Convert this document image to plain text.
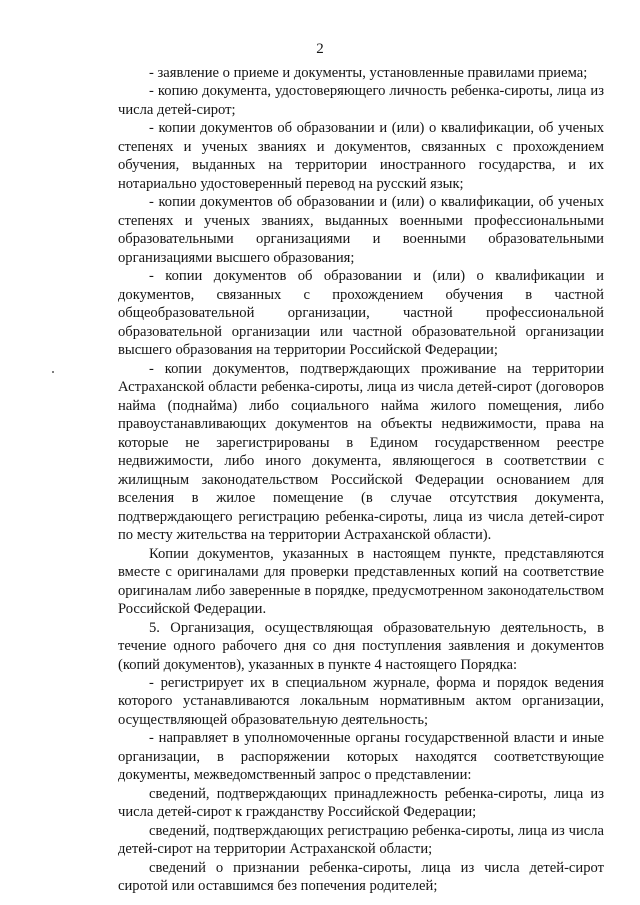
2

- заявление о приеме и документы, установленные правилами приема;

- копию документа, удостоверяющего личность ребенка-сироты, лица из числа детей-сирот;

- копии документов об образовании и (или) о квалификации, об ученых степенях и ученых званиях и документов, связанных с прохождением обучения, выданных на территории иностранного государства, и их нотариально удостоверенный перевод на русский язык;

- копии документов об образовании и (или) о квалификации, об ученых степенях и ученых званиях, выданных военными профессиональными образовательными организациями и военными образовательными организациями высшего образования;

- копии документов об образовании и (или) о квалификации и документов, связанных с прохождением обучения в частной общеобразовательной организации, частной профессиональной образовательной организации или частной образовательной организации высшего образования на территории Российской Федерации;

- копии документов, подтверждающих проживание на территории Астраханской области ребенка-сироты, лица из числа детей-сирот (договоров найма (поднайма) либо социального найма жилого помещения, либо правоустанавливающих документов на объекты недвижимости, права на которые не зарегистрированы в Едином государственном реестре недвижимости, либо иного документа, являющегося в соответствии с жилищным законодательством Российской Федерации основанием для вселения в жилое помещение (в случае отсутствия документа, подтверждающего регистрацию ребенка-сироты, лица из числа детей-сирот по месту жительства на территории Астраханской области).

Копии документов, указанных в настоящем пункте, представляются вместе с оригиналами для проверки представленных копий на соответствие оригиналам либо заверенные в порядке, предусмотренном законодательством Российской Федерации.

5. Организация, осуществляющая образовательную деятельность, в течение одного рабочего дня со дня поступления заявления и документов (копий документов), указанных в пункте 4 настоящего Порядка:

- регистрирует их в специальном журнале, форма и порядок ведения которого устанавливаются локальным нормативным актом организации, осуществляющей образовательную деятельность;

- направляет в уполномоченные органы государственной власти и иные организации, в распоряжении которых находятся соответствующие документы, межведомственный запрос о представлении:

сведений, подтверждающих принадлежность ребенка-сироты, лица из числа детей-сирот к гражданству Российской Федерации;

сведений, подтверждающих регистрацию ребенка-сироты, лица из числа детей-сирот на территории Астраханской области;

сведений о признании ребенка-сироты, лица из числа детей-сирот сиротой или оставшимся без попечения родителей;
